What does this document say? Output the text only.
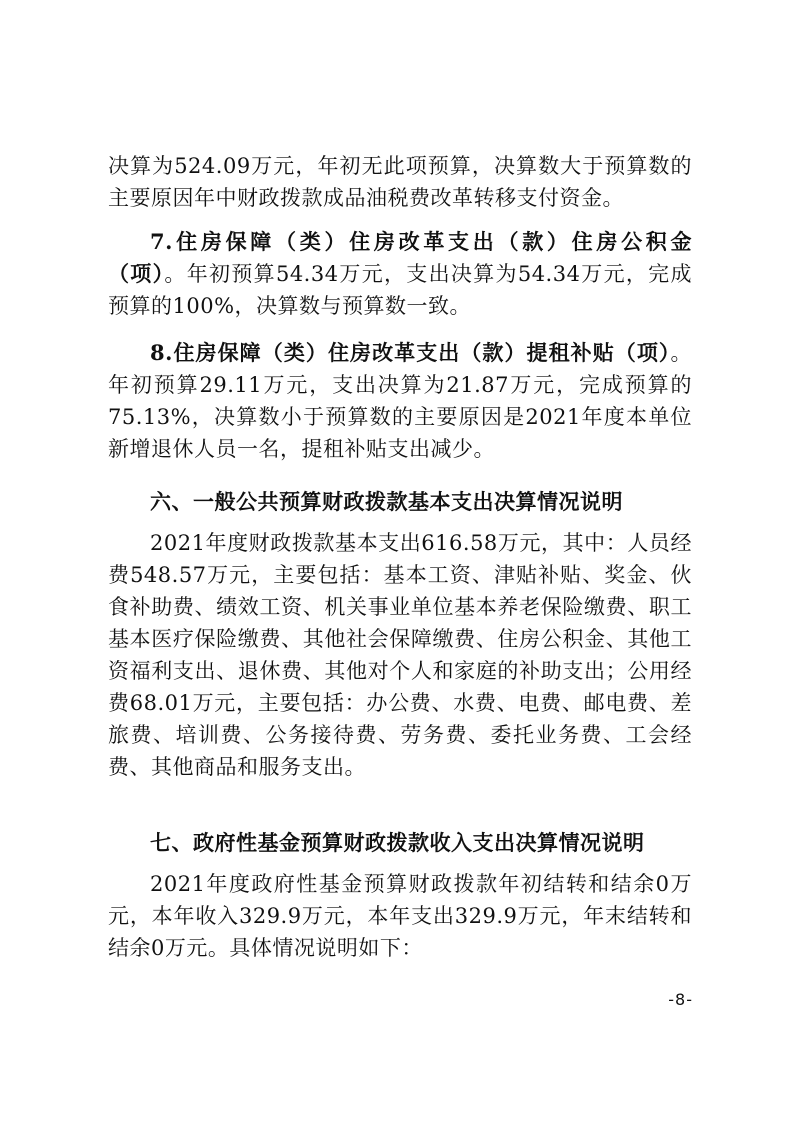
决算为524.09万元，年初无此项预算，决算数大于预算数的主要原因年中财政拨款成品油税费改革转移支付资金。

7.住房保障（类）住房改革支出（款）住房公积金（项）。年初预算54.34万元，支出决算为54.34万元，完成预算的100%，决算数与预算数一致。

8.住房保障（类）住房改革支出（款）提租补贴（项）。年初预算29.11万元，支出决算为21.87万元，完成预算的75.13%，决算数小于预算数的主要原因是2021年度本单位新增退休人员一名，提租补贴支出减少。

六、一般公共预算财政拨款基本支出决算情况说明

2021年度财政拨款基本支出616.58万元，其中：人员经费548.57万元，主要包括：基本工资、津贴补贴、奖金、伙食补助费、绩效工资、机关事业单位基本养老保险缴费、职工基本医疗保险缴费、其他社会保障缴费、住房公积金、其他工资福利支出、退休费、其他对个人和家庭的补助支出；公用经费68.01万元，主要包括：办公费、水费、电费、邮电费、差旅费、培训费、公务接待费、劳务费、委托业务费、工会经费、其他商品和服务支出。

七、政府性基金预算财政拨款收入支出决算情况说明

2021年度政府性基金预算财政拨款年初结转和结余0万元，本年收入329.9万元，本年支出329.9万元，年末结转和结余0万元。具体情况说明如下：

-8-
